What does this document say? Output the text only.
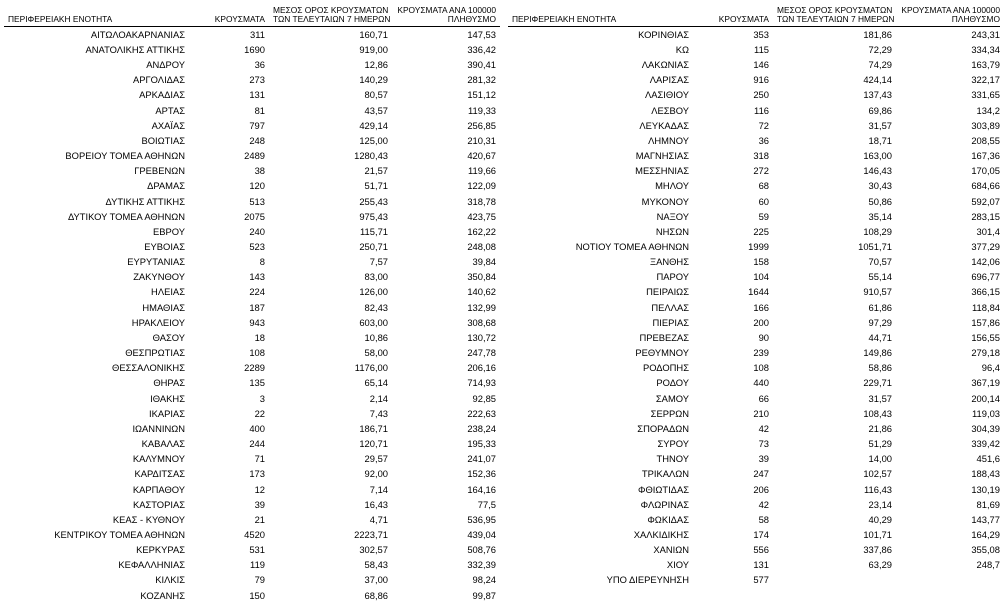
ΠΕΡΙΦΕΡΕΙΑΚΗ ΕΝΟΤΗΤΑ	ΚΡΟΥΣΜΑΤΑ	ΜΕΣΟΣ ΟΡΟΣ ΚΡΟΥΣΜΑΤΩΝ
ΤΩΝ ΤΕΛΕΥΤΑΙΩΝ 7 ΗΜΕΡΩΝ	ΚΡΟΥΣΜΑΤΑ ΑΝΑ 100000
ΠΛΗΘΥΣΜΟ

ΑΙΤΩΛΟΑΚΑΡΝΑΝΙΑΣ	311	160,71	147,53
ΑΝΑΤΟΛΙΚΗΣ ΑΤΤΙΚΗΣ	1690	919,00	336,42
ΑΝΔΡΟΥ	36	12,86	390,41
ΑΡΓΟΛΙΔΑΣ	273	140,29	281,32
ΑΡΚΑΔΙΑΣ	131	80,57	151,12
ΑΡΤΑΣ	81	43,57	119,33
ΑΧΑΪΑΣ	797	429,14	256,85
ΒΟΙΩΤΙΑΣ	248	125,00	210,31
ΒΟΡΕΙΟΥ ΤΟΜΕΑ ΑΘΗΝΩΝ	2489	1280,43	420,67
ΓΡΕΒΕΝΩΝ	38	21,57	119,66
ΔΡΑΜΑΣ	120	51,71	122,09
ΔΥΤΙΚΗΣ ΑΤΤΙΚΗΣ	513	255,43	318,78
ΔΥΤΙΚΟΥ ΤΟΜΕΑ ΑΘΗΝΩΝ	2075	975,43	423,75
ΕΒΡΟΥ	240	115,71	162,22
ΕΥΒΟΙΑΣ	523	250,71	248,08
ΕΥΡΥΤΑΝΙΑΣ	8	7,57	39,84
ΖΑΚΥΝΘΟΥ	143	83,00	350,84
ΗΛΕΙΑΣ	224	126,00	140,62
ΗΜΑΘΙΑΣ	187	82,43	132,99
ΗΡΑΚΛΕΙΟΥ	943	603,00	308,68
ΘΑΣΟΥ	18	10,86	130,72
ΘΕΣΠΡΩΤΙΑΣ	108	58,00	247,78
ΘΕΣΣΑΛΟΝΙΚΗΣ	2289	1176,00	206,16
ΘΗΡΑΣ	135	65,14	714,93
ΙΘΑΚΗΣ	3	2,14	92,85
ΙΚΑΡΙΑΣ	22	7,43	222,63
ΙΩΑΝΝΙΝΩΝ	400	186,71	238,24
ΚΑΒΑΛΑΣ	244	120,71	195,33
ΚΑΛΥΜΝΟΥ	71	29,57	241,07
ΚΑΡΔΙΤΣΑΣ	173	92,00	152,36
ΚΑΡΠΑΘΟΥ	12	7,14	164,16
ΚΑΣΤΟΡΙΑΣ	39	16,43	77,5
ΚΕΑΣ - ΚΥΘΝΟΥ	21	4,71	536,95
ΚΕΝΤΡΙΚΟΥ ΤΟΜΕΑ ΑΘΗΝΩΝ	4520	2223,71	439,04
ΚΕΡΚΥΡΑΣ	531	302,57	508,76
ΚΕΦΑΛΛΗΝΙΑΣ	119	58,43	332,39
ΚΙΛΚΙΣ	79	37,00	98,24
ΚΟΖΑΝΗΣ	150	68,86	99,87
ΠΕΡΙΦΕΡΕΙΑΚΗ ΕΝΟΤΗΤΑ	ΚΡΟΥΣΜΑΤΑ	ΜΕΣΟΣ ΟΡΟΣ ΚΡΟΥΣΜΑΤΩΝ
ΤΩΝ ΤΕΛΕΥΤΑΙΩΝ 7 ΗΜΕΡΩΝ	ΚΡΟΥΣΜΑΤΑ ΑΝΑ 100000
ΠΛΗΘΥΣΜΟ

ΚΟΡΙΝΘΙΑΣ	353	181,86	243,31
ΚΩ	115	72,29	334,34
ΛΑΚΩΝΙΑΣ	146	74,29	163,79
ΛΑΡΙΣΑΣ	916	424,14	322,17
ΛΑΣΙΘΙΟΥ	250	137,43	331,65
ΛΕΣΒΟΥ	116	69,86	134,2
ΛΕΥΚΑΔΑΣ	72	31,57	303,89
ΛΗΜΝΟΥ	36	18,71	208,55
ΜΑΓΝΗΣΙΑΣ	318	163,00	167,36
ΜΕΣΣΗΝΙΑΣ	272	146,43	170,05
ΜΗΛΟΥ	68	30,43	684,66
ΜΥΚΟΝΟΥ	60	50,86	592,07
ΝΑΞΟΥ	59	35,14	283,15
ΝΗΣΩΝ	225	108,29	301,4
ΝΟΤΙΟΥ ΤΟΜΕΑ ΑΘΗΝΩΝ	1999	1051,71	377,29
ΞΑΝΘΗΣ	158	70,57	142,06
ΠΑΡΟΥ	104	55,14	696,77
ΠΕΙΡΑΙΩΣ	1644	910,57	366,15
ΠΕΛΛΑΣ	166	61,86	118,84
ΠΙΕΡΙΑΣ	200	97,29	157,86
ΠΡΕΒΕΖΑΣ	90	44,71	156,55
ΡΕΘΥΜΝΟΥ	239	149,86	279,18
ΡΟΔΟΠΗΣ	108	58,86	96,4
ΡΟΔΟΥ	440	229,71	367,19
ΣΑΜΟΥ	66	31,57	200,14
ΣΕΡΡΩΝ	210	108,43	119,03
ΣΠΟΡΑΔΩΝ	42	21,86	304,39
ΣΥΡΟΥ	73	51,29	339,42
ΤΗΝΟΥ	39	14,00	451,6
ΤΡΙΚΑΛΩΝ	247	102,57	188,43
ΦΘΙΩΤΙΔΑΣ	206	116,43	130,19
ΦΛΩΡΙΝΑΣ	42	23,14	81,69
ΦΩΚΙΔΑΣ	58	40,29	143,77
ΧΑΛΚΙΔΙΚΗΣ	174	101,71	164,29
ΧΑΝΙΩΝ	556	337,86	355,08
ΧΙΟΥ	131	63,29	248,7
ΥΠΟ ΔΙΕΡΕΥΝΗΣΗ	577		
